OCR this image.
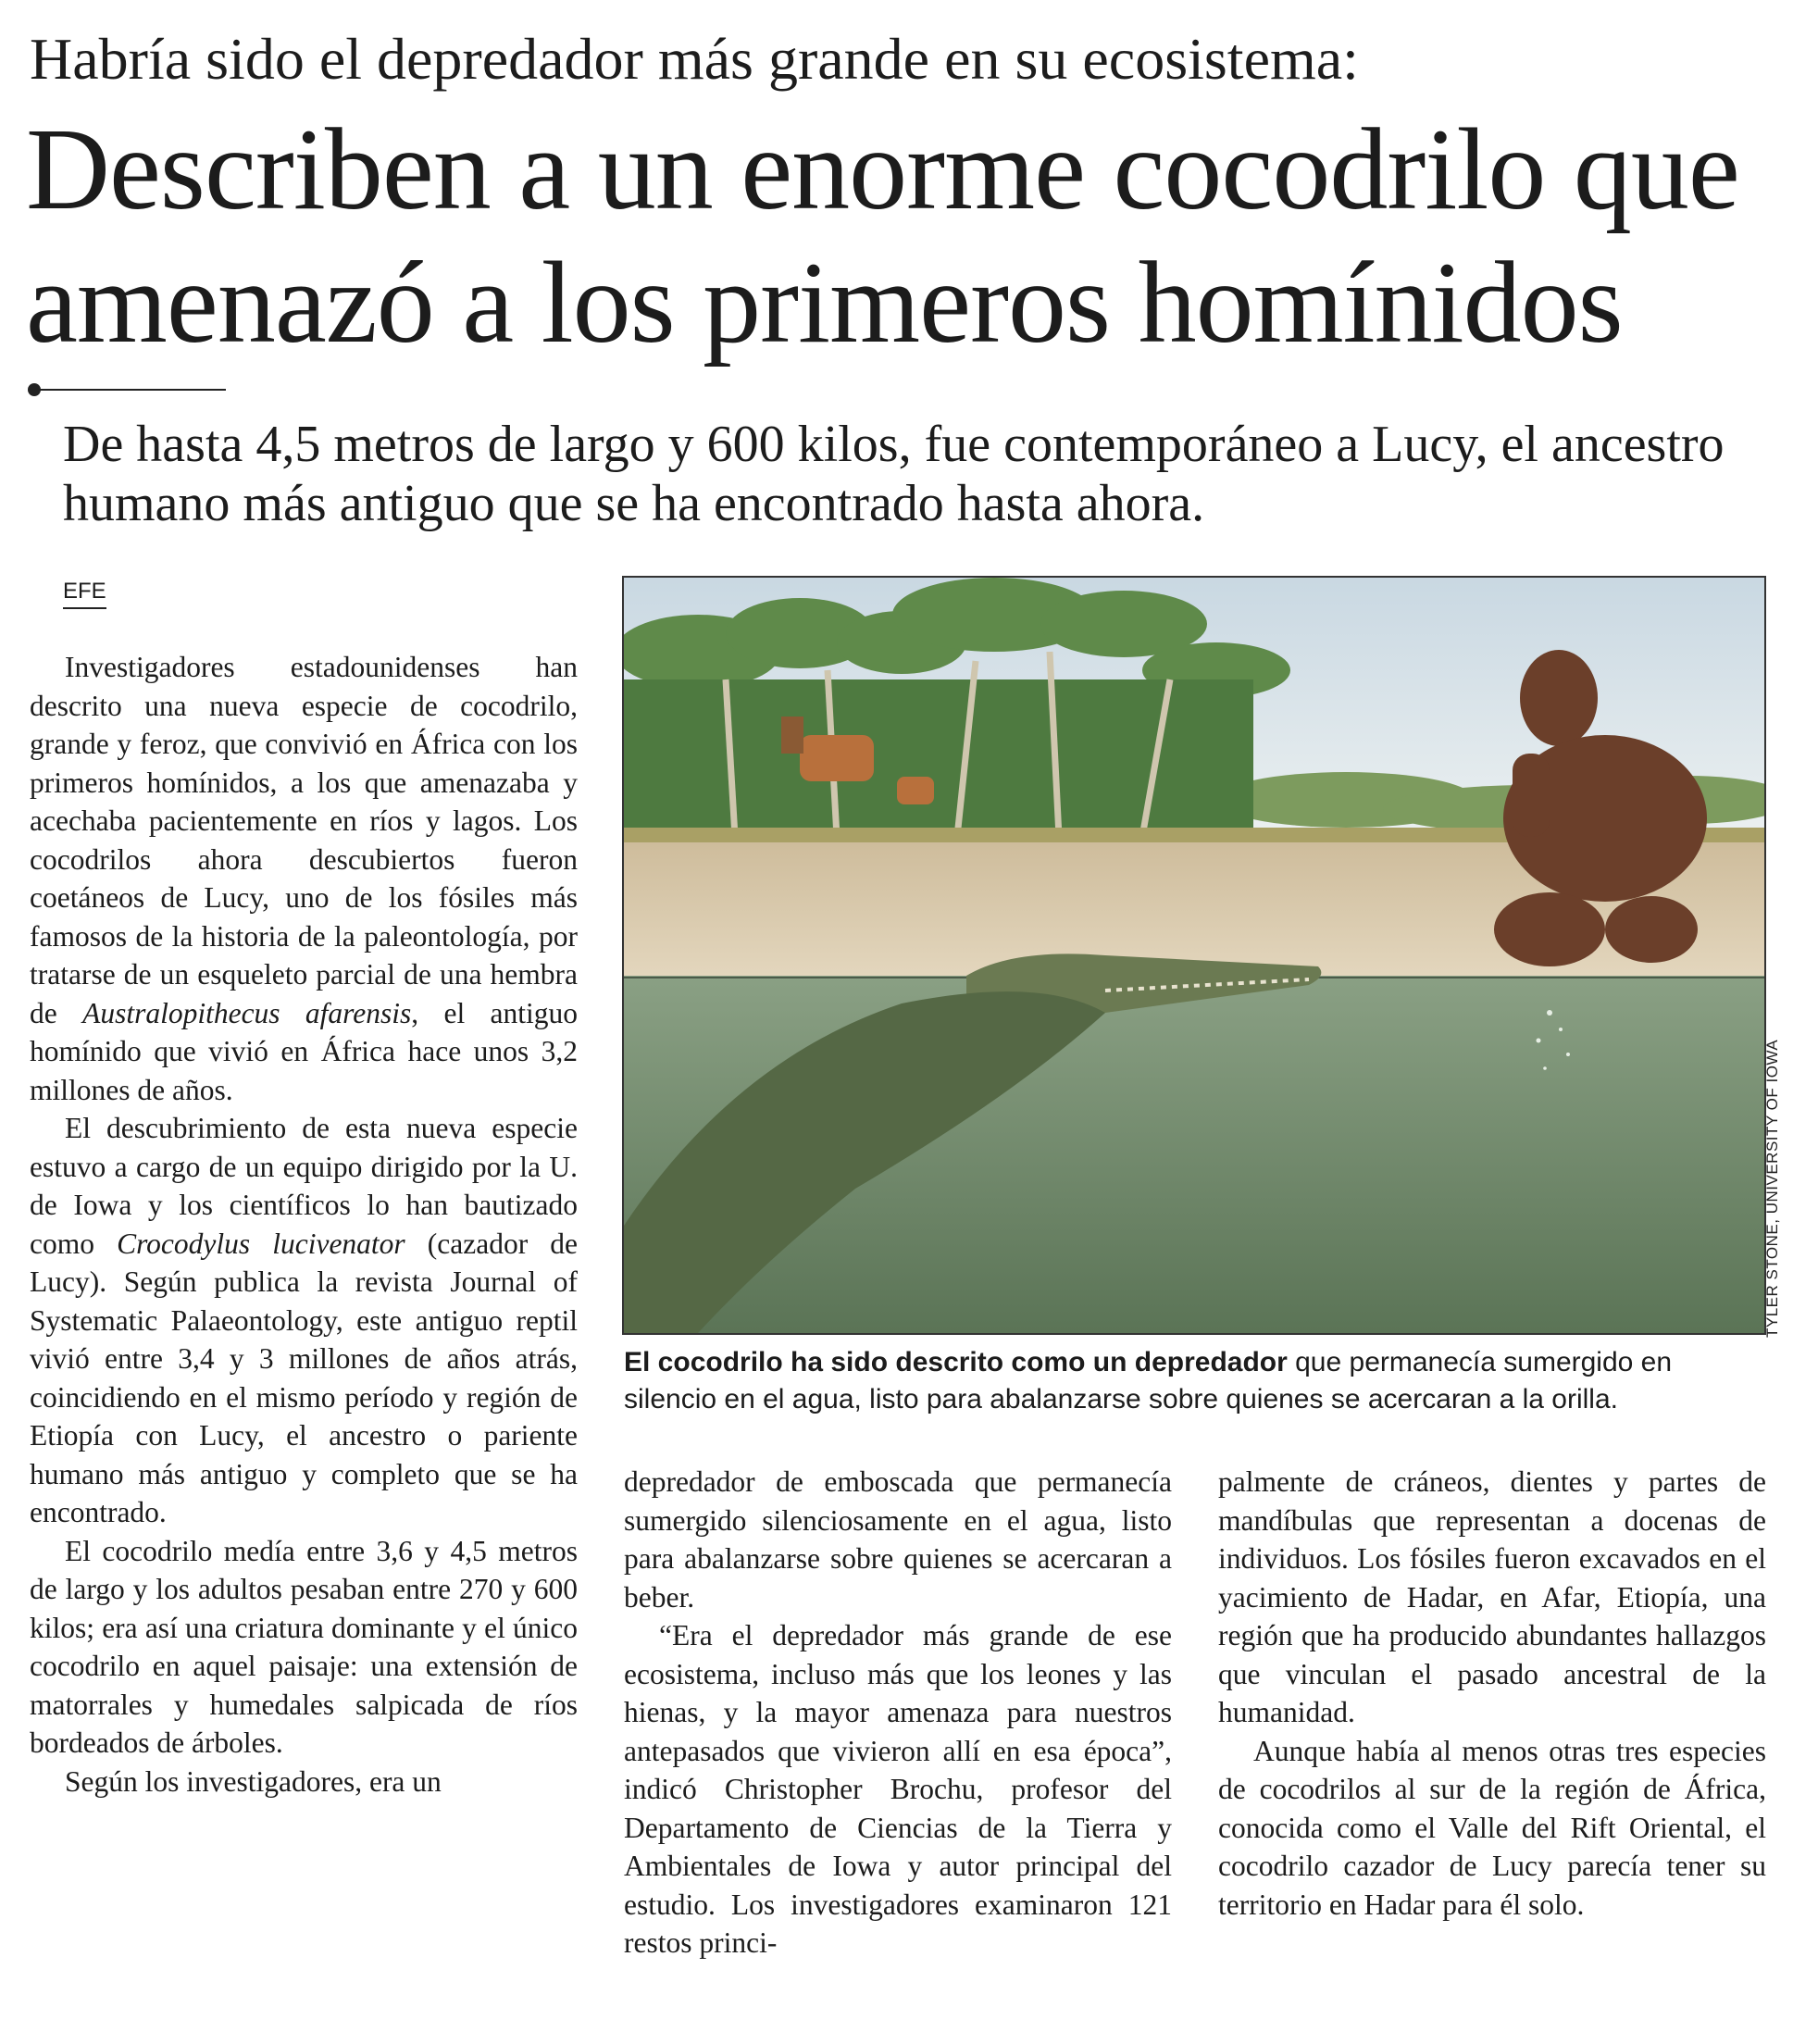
Habría sido el depredador más grande en su ecosistema:
Describen a un enorme cocodrilo que amenazó a los primeros homínidos
De hasta 4,5 metros de largo y 600 kilos, fue contemporáneo a Lucy, el ancestro humano más antiguo que se ha encontrado hasta ahora.
EFE

Investigadores estadounidenses han descrito una nueva especie de cocodrilo, grande y feroz, que convivió en África con los primeros homínidos, a los que amenazaba y acechaba pacientemente en ríos y lagos. Los cocodrilos ahora descubiertos fueron coetáneos de Lucy, uno de los fósiles más famosos de la historia de la paleontología, por tratarse de un esqueleto parcial de una hembra de Australopithecus afarensis, el antiguo homínido que vivió en África hace unos 3,2 millones de años.

El descubrimiento de esta nueva especie estuvo a cargo de un equipo dirigido por la U. de Iowa y los científicos lo han bautizado como Crocodylus lucivenator (cazador de Lucy). Según publica la revista Journal of Systematic Palaeontology, este antiguo reptil vivió entre 3,4 y 3 millones de años atrás, coincidiendo en el mismo período y región de Etiopía con Lucy, el ancestro o pariente humano más antiguo y completo que se ha encontrado.

El cocodrilo medía entre 3,6 y 4,5 metros de largo y los adultos pesaban entre 270 y 600 kilos; era así una criatura dominante y el único cocodrilo en aquel paisaje: una extensión de matorrales y humedales salpicada de ríos bordeados de árboles.

Según los investigadores, era un

TYLER STONE, UNIVERSITY OF IOWA
El cocodrilo ha sido descrito como un depredador que permanecía sumergido en silencio en el agua, listo para abalanzarse sobre quienes se acercaran a la orilla.

depredador de emboscada que permanecía sumergido silenciosamente en el agua, listo para abalanzarse sobre quienes se acercaran a beber.

“Era el depredador más grande de ese ecosistema, incluso más que los leones y las hienas, y la mayor amenaza para nuestros antepasados que vivieron allí en esa época”, indicó Christopher Brochu, profesor del Departamento de Ciencias de la Tierra y Ambientales de Iowa y autor principal del estudio. Los investigadores examinaron 121 restos princi-

palmente de cráneos, dientes y partes de mandíbulas que representan a docenas de individuos. Los fósiles fueron excavados en el yacimiento de Hadar, en Afar, Etiopía, una región que ha producido abundantes hallazgos que vinculan el pasado ancestral de la humanidad.

Aunque había al menos otras tres especies de cocodrilos al sur de la región de África, conocida como el Valle del Rift Oriental, el cocodrilo cazador de Lucy parecía tener su territorio en Hadar para él solo.
